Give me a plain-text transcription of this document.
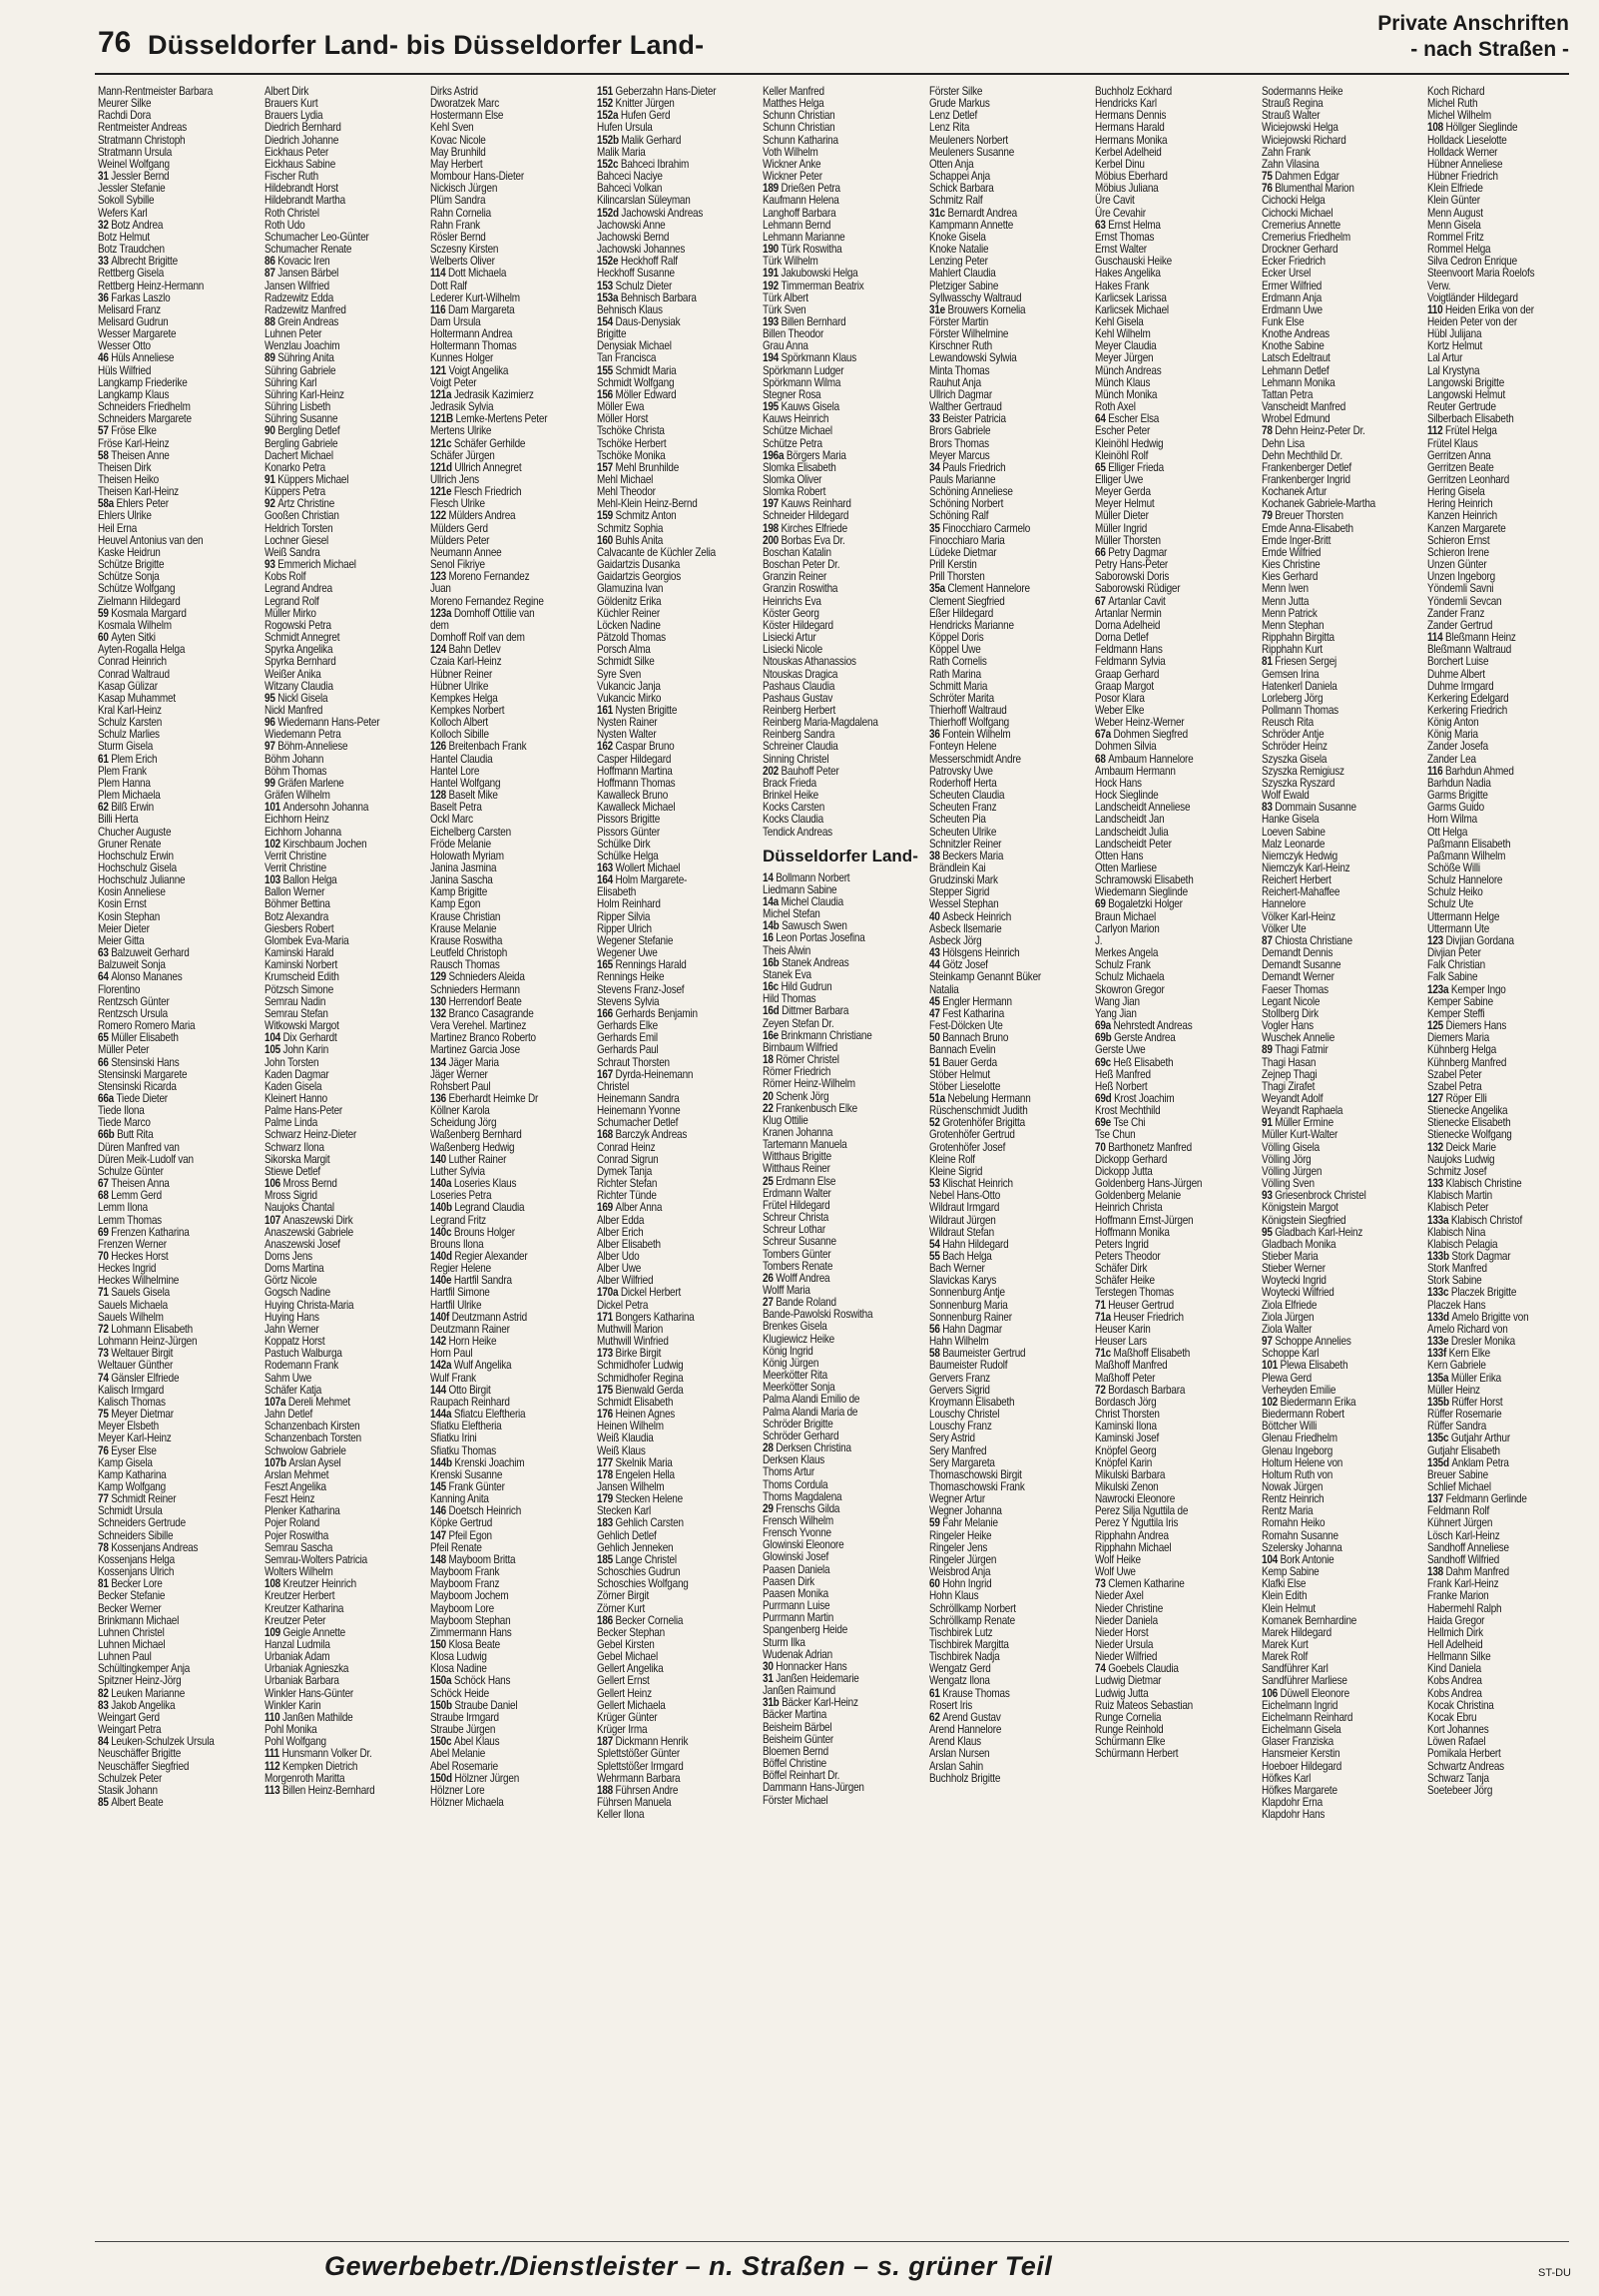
76 Düsseldorfer Land- bis Düsseldorfer Land-
Private Anschriften
- nach Straßen -
Mann-Rentmeister Barbara
Meurer Silke
Rachdi Dora
Rentmeister Andreas
Stratmann Christoph
Stratmann Ursula
Weinel Wolfgang
31 Jessler Bernd
Jessler Stefanie
Sokoll Sybille
Wefers Karl
32 Botz Andrea
Botz Helmut
Botz Traudchen
33 Albrecht Brigitte
Rettberg Gisela
Rettberg Heinz-Hermann
36 Farkas Laszlo
Melisard Franz
Melisard Gudrun
Wesser Margarete
Wesser Otto
46 Hüls Anneliese
Hüls Wilfried
Langkamp Friederike
Langkamp Klaus
Schneiders Friedhelm
Schneiders Margarete
57 Fröse Elke
Fröse Karl-Heinz
58 Theisen Anne
Theisen Dirk
Theisen Heiko
Theisen Karl-Heinz
58a Ehlers Peter
Ehlers Ulrike
Heil Erna
Heuvel Antonius van den
Kaske Heidrun
Schütze Brigitte
Schütze Sonja
Schütze Wolfgang
Zielmann Hildegard
59 Kosmala Margard
Kosmala Wilhelm
60 Ayten Sitki
Ayten-Rogalla Helga
Conrad Heinrich
Conrad Waltraud
Kasap Gülizar
Kasap Muhammet
Kral Karl-Heinz
Schulz Karsten
Schulz Marlies
Sturm Gisela
61 Plem Erich
Plem Frank
Plem Hanna
Plem Michaela
62 Bilß Erwin
Billi Herta
Chucher Auguste
Gruner Renate
Hochschulz Erwin
Hochschulz Gisela
Hochschulz Julianne
Kosin Anneliese
Kosin Ernst
Kosin Stephan
Meier Dieter
Meier Gitta
63 Balzuweit Gerhard
Balzuweit Sonja
64 Alonso Mananes
Florentino
Rentzsch Günter
Rentzsch Ursula
Romero Romero Maria
65 Müller Elisabeth
Müller Peter
66 Stensinski Hans
Stensinski Margarete
Stensinski Ricarda
66a Tiede Dieter
Tiede Ilona
Tiede Marco
66b Butt Rita
Düren Manfred van
Düren Meik-Ludolf van
Schulze Günter
67 Theisen Anna
68 Lemm Gerd
Lemm Ilona
Lemm Thomas
69 Frenzen Katharina
Frenzen Werner
70 Heckes Horst
Heckes Ingrid
Heckes Wilhelmine
71 Sauels Gisela
Sauels Michaela
Sauels Wilhelm
72 Lohmann Elisabeth
Lohmann Heinz-Jürgen
73 Weltauer Birgit
Weltauer Günther
74 Gänsler Elfriede
Kalisch Irmgard
Kalisch Thomas
75 Meyer Dietmar
Meyer Elsbeth
Meyer Karl-Heinz
76 Eyser Else
Kamp Gisela
Kamp Katharina
Kamp Wolfgang
77 Schmidt Reiner
Schmidt Ursula
Schneiders Gertrude
Schneiders Sibille
78 Kossenjans Andreas
Kossenjans Helga
Kossenjans Ulrich
81 Becker Lore
Becker Stefanie
Becker Werner
Brinkmann Michael
Luhnen Christel
Luhnen Michael
Luhnen Paul
Schültingkemper Anja
Spitzner Heinz-Jörg
82 Leuken Marianne
83 Jakob Angelika
Weingart Gerd
Weingart Petra
84 Leuken-Schulzek Ursula
Neuschäffer Brigitte
Neuschäffer Siegfried
Schulzek Peter
Stasik Johann
85 Albert Beate
Albert Dirk
Brauers Kurt
Brauers Lydia
Diedrich Bernhard
Diedrich Johanne
Eickhaus Peter
Eickhaus Sabine
Fischer Ruth
Hildebrandt Horst
Hildebrandt Martha
Roth Christel
Roth Udo
Schumacher Leo-Günter
Schumacher Renate
86 Kovacic Iren
87 Jansen Bärbel
Jansen Wilfried
Radzewitz Edda
Radzewitz Manfred
88 Grein Andreas
Luhnen Peter
Wenzlau Joachim
89 Sühring Anita
Sühring Gabriele
Sühring Karl
Sühring Karl-Heinz
Sühring Lisbeth
Sühring Susanne
90 Bergling Detlef
Bergling Gabriele
Dachert Michael
Konarko Petra
91 Küppers Michael
Küppers Petra
92 Artz Christine
Gooßen Christian
Heldrich Torsten
Lochner Giesel
Weiß Sandra
93 Emmerich Michael
Kobs Rolf
Legrand Andrea
Legrand Rolf
Müller Mirko
Rogowski Petra
Schmidt Annegret
Spyrka Angelika
Spyrka Bernhard
Weißer Anika
Witzany Claudia
95 Nickl Gisela
Nickl Manfred
96 Wiedemann Hans-Peter
Wiedemann Petra
97 Böhm-Anneliese
Böhm Johann
Böhm Thomas
99 Gräfen Marlene
Gräfen Wilhelm
101 Andersohn Johanna
Eichhorn Heinz
Eichhorn Johanna
102 Kirschbaum Jochen
Verrit Christine
Verrit Christine
103 Ballon Helga
Ballon Werner
Böhmer Bettina
Botz Alexandra
Giesbers Robert
Glombek Eva-Maria
Kaminski Harald
Kaminski Norbert
Krumscheid Edith
Pötzsch Simone
Semrau Nadin
Semrau Stefan
Witkowski Margot
104 Dix Gerhardt
105 John Karin
John Torsten
Kaden Dagmar
Kaden Gisela
Kleinert Hanno
Palme Hans-Peter
Palme Linda
Schwarz Heinz-Dieter
Schwarz Ilona
Sikorska Margit
Stiewe Detlef
106 Mross Bernd
Mross Sigrid
Naujoks Chantal
107 Anaszewski Dirk
Anaszewski Gabriele
Anaszewski Josef
Doms Jens
Doms Martina
Görtz Nicole
Gogsch Nadine
Huying Christa-Maria
Huying Hans
Jahn Werner
Koppatz Horst
Pastuch Walburga
Rodemann Frank
Sahm Uwe
Schäfer Katja
107a Dereli Mehmet
Jahn Detlef
Schanzenbach Kirsten
Schanzenbach Torsten
Schwolow Gabriele
107b Arslan Aysel
Arslan Mehmet
Feszt Angelika
Feszt Heinz
Plenker Katharina
Pojer Roland
Pojer Roswitha
Semrau Sascha
Semrau-Wolters Patricia
Wolters Wilhelm
108 Kreutzer Heinrich
Kreutzer Herbert
Kreutzer Katharina
Kreutzer Peter
109 Geigle Annette
Hanzal Ludmila
Urbaniak Adam
Urbaniak Agnieszka
Urbaniak Barbara
Winkler Hans-Günter
Winkler Karin
110 Janßen Mathilde
Pohl Monika
Pohl Wolfgang
111 Hunsmann Volker Dr.
112 Kempken Dietrich
Morgenroth Maritta
113 Billen Heinz-Bernhard
Dirks Astrid
Dworatzek Marc
Hostermann Else
Kehl Sven
Kovac Nicole
May Brunhild
May Herbert
Mombour Hans-Dieter
Nickisch Jürgen
Plüm Sandra
Rahn Cornelia
Rahn Frank
Rösler Bernd
Sczesny Kirsten
Welberts Oliver
114 Dott Michaela
Dott Ralf
Lederer Kurt-Wilhelm
116 Dam Margareta
Dam Ursula
Holtermann Andrea
Holtermann Thomas
Kunnes Holger
121 Voigt Angelika
Voigt Peter
121a Jedrasik Kazimierz
Jedrasik Sylvia
121B Lemke-Mertens Peter
Mertens Ulrike
121c Schäfer Gerhilde
Schäfer Jürgen
121d Ullrich Annegret
Ullrich Jens
121e Flesch Friedrich
Flesch Ulrike
122 Mülders Andrea
Mülders Gerd
Mülders Peter
Neumann Annee
Senol Fikriye
123 Moreno Fernandez
Juan
Moreno Fernandez Regine
123a Domhoff Ottilie van
dem
Domhoff Rolf van dem
124 Bahn Detlev
Czaia Karl-Heinz
Hübner Reiner
Hübner Ulrike
Kempkes Helga
Kempkes Norbert
Kolloch Albert
Kolloch Sibille
126 Breitenbach Frank
Hantel Claudia
Hantel Lore
Hantel Wolfgang
128 Baselt Mike
Baselt Petra
Ockl Marc
Eichelberg Carsten
Fröde Melanie
Holowath Myriam
Janina Jasmina
Janina Sascha
Kamp Brigitte
Kamp Egon
Krause Christian
Krause Melanie
Krause Roswitha
Leutfeld Christoph
Rausch Thomas
129 Schnieders Aleida
Schnieders Hermann
130 Herrendorf Beate
132 Branco Casagrande
Vera Verehel. Martinez
Martinez Branco Roberto
Martinez Garcia Jose
134 Jäger Maria
Jäger Werner
Rohsbert Paul
136 Eberhardt Heimke Dr
Köllner Karola
Scheidung Jörg
Waßenberg Bernhard
Waßenberg Hedwig
140 Luther Rainer
Luther Sylvia
140a Loseries Klaus
Loseries Petra
140b Legrand Claudia
Legrand Fritz
140c Brouns Holger
Brouns Ilona
140d Regier Alexander
Regier Helene
140e Hartfil Sandra
Hartfil Simone
Hartfil Ulrike
140f Deutzmann Astrid
Deutzmann Rainer
142 Horn Heike
Horn Paul
142a Wulf Angelika
Wulf Frank
144 Otto Birgit
Raupach Reinhard
144a Sfiatcu Eleftheria
Sfiatku Eleftheria
Sfiatku Irini
Sfiatku Thomas
144b Krenski Joachim
Krenski Susanne
145 Frank Günter
Kanning Anita
146 Doetsch Heinrich
Köpke Gertrud
147 Pfeil Egon
Pfeil Renate
148 Mayboom Britta
Mayboom Frank
Mayboom Franz
Mayboom Jochem
Mayboom Lore
Mayboom Stephan
Zimmermann Hans
150 Klosa Beate
Klosa Ludwig
Klosa Nadine
150a Schöck Hans
Schöck Heide
150b Straube Daniel
Straube Irmgard
Straube Jürgen
150c Abel Klaus
Abel Melanie
Abel Rosemarie
150d Hölzner Jürgen
Hölzner Lore
Hölzner Michaela
151 Geberzahn Hans-Dieter
152 Knitter Jürgen
152a Hufen Gerd
Hufen Ursula
152b Malik Gerhard
Malik Maria
152c Bahceci Ibrahim
Bahceci Naciye
Bahceci Volkan
Kilincarslan Süleyman
152d Jachowski Andreas
Jachowski Anne
Jachowski Bernd
Jachowski Johannes
152e Heckhoff Ralf
Heckhoff Susanne
153 Schulz Dieter
153a Behnisch Barbara
Behnisch Klaus
154 Daus-Denysiak
Brigitte
Denysiak Michael
Tan Francisca
155 Schmidt Maria
Schmidt Wolfgang
156 Möller Edward
Möller Ewa
Möller Horst
Tschöke Christa
Tschöke Herbert
Tschöke Monika
157 Mehl Brunhilde
Mehl Michael
Mehl Theodor
Mehl-Klein Heinz-Bernd
159 Schmitz Anton
Schmitz Sophia
160 Buhls Anita
Calvacante de Küchler Zelia
Gaidartzis Dusanka
Gaidartzis Georgios
Glamuzina Ivan
Göldenitz Erika
Küchler Reiner
Löcken Nadine
Pätzold Thomas
Porsch Alma
Schmidt Silke
Syre Sven
Vukancic Janja
Vukancic Mirko
161 Nysten Brigitte
Nysten Rainer
Nysten Walter
162 Caspar Bruno
Casper Hildegard
Hoffmann Martina
Hoffmann Thomas
Kawalleck Bruno
Kawalleck Michael
Pissors Brigitte
Pissors Günter
Schülke Dirk
Schülke Helga
163 Wollert Michael
164 Holm Margarete-
Elisabeth
Holm Reinhard
Ripper Silvia
Ripper Ulrich
Wegener Stefanie
Wegener Uwe
165 Rennings Harald
Rennings Heike
Stevens Franz-Josef
Stevens Sylvia
166 Gerhards Benjamin
Gerhards Elke
Gerhards Emil
Gerhards Paul
Schraut Thorsten
167 Dyrda-Heinemann
Christel
Heinemann Sandra
Heinemann Yvonne
Schumacher Detlef
168 Barczyk Andreas
Conrad Heinz
Conrad Sigrun
Dymek Tanja
Richter Stefan
Richter Tünde
169 Alber Anna
Alber Edda
Alber Erich
Alber Elisabeth
Alber Udo
Alber Uwe
Alber Wilfried
170a Dickel Herbert
Dickel Petra
171 Bongers Katharina
Muthwill Marion
Muthwill Winfried
173 Birke Birgit
Schmidhofer Ludwig
Schmidhofer Regina
175 Bienwald Gerda
Schmidt Elisabeth
176 Heinen Agnes
Heinen Wilhelm
Weiß Klaudia
Weiß Klaus
177 Skelnik Maria
178 Engelen Hella
Jansen Wilhelm
179 Stecken Helene
Stecken Karl
183 Gehlich Carsten
Gehlich Detlef
Gehlich Jenneken
185 Lange Christel
Schoschies Gudrun
Schoschies Wolfgang
Zörner Birgit
Zörner Kurt
186 Becker Cornelia
Becker Stephan
Gebel Kirsten
Gebel Michael
Gellert Angelika
Gellert Ernst
Gellert Heinz
Gellert Michaela
Krüger Günter
Krüger Irma
187 Dickmann Henrik
Splettstößer Günter
Splettstößer Irmgard
Wehrmann Barbara
188 Führsen Andre
Führsen Manuela
Keller Ilona
Keller Manfred
Matthes Helga
Schunn Christian
Schunn Christian
Schunn Katharina
Voth Wilhelm
Wickner Anke
Wickner Peter
189 Drießen Petra
Kaufmann Helena
Langhoff Barbara
Lehmann Bernd
Lehmann Marianne
190 Türk Roswitha
Türk Wilhelm
191 Jakubowski Helga
192 Timmerman Beatrix
Türk Albert
Türk Sven
193 Billen Bernhard
Billen Theodor
Grau Anna
194 Spörkmann Klaus
Spörkmann Ludger
Spörkmann Wilma
Stegner Rosa
195 Kauws Gisela
Kauws Heinrich
Schütze Michael
Schütze Petra
196a Börgers Maria
Slomka Elisabeth
Slomka Oliver
Slomka Robert
197 Kauws Reinhard
Schneider Hildegard
198 Kirches Elfriede
200 Borbas Eva Dr.
Boschan Katalin
Boschan Peter Dr.
Granzin Reiner
Granzin Roswitha
Heinrichs Eva
Köster Georg
Köster Hildegard
Lisiecki Artur
Lisiecki Nicole
Ntouskas Athanassios
Ntouskas Dragica
Pashaus Claudia
Pashaus Gustav
Reinberg Herbert
Reinberg Maria-Magdalena
Reinberg Sandra
Schreiner Claudia
Sinning Christel
202 Bauhoff Peter
Brack Frieda
Brinkel Heike
Kocks Carsten
Kocks Claudia
Tendick Andreas
Düsseldorfer Land-
14 Bollmann Norbert
Liedmann Sabine
14a Michel Claudia
Michel Stefan
14b Sawusch Swen
16 Leon Portas Josefina
Theis Alwin
16b Stanek Andreas
Stanek Eva
16c Hild Gudrun
Hild Thomas
16d Dittmer Barbara
Zeyen Stefan Dr.
16e Brinkmann Christiane
Birnbaum Wilfried
18 Römer Christel
Römer Friedrich
Römer Heinz-Wilhelm
20 Schenk Jörg
22 Frankenbusch Elke
Klug Ottilie
Kranen Johanna
Tartemann Manuela
Witthaus Brigitte
Witthaus Reiner
25 Erdmann Else
Erdmann Walter
Frütel Hildegard
Schreur Christa
Schreur Lothar
Schreur Susanne
Tombers Günter
Tombers Renate
26 Wolff Andrea
Wolff Maria
27 Bande Roland
Bande-Pawolski Roswitha
Brenkes Gisela
Klugiewicz Heike
König Ingrid
König Jürgen
Meerkötter Rita
Meerkötter Sonja
Palma Alandi Emilio de
Palma Alandi Maria de
Schröder Brigitte
Schröder Gerhard
28 Derksen Christina
Derksen Klaus
Thoms Artur
Thoms Cordula
Thoms Magdalena
29 Frenschs Gilda
Frensch Wilhelm
Frensch Yvonne
Glowinski Eleonore
Glowinski Josef
Paasen Daniela
Paasen Dirk
Paasen Monika
Purrmann Luise
Purrmann Martin
Spangenberg Heide
Sturm Ilka
Wudenak Adrian
30 Honnacker Hans
31 Janßen Heidemarie
Janßen Raimund
31b Bäcker Karl-Heinz
Bäcker Martina
Beisheim Bärbel
Beisheim Günter
Bloemen Bernd
Böffel Christine
Böffel Reinhart Dr.
Dammann Hans-Jürgen
Förster Michael
Förster Silke
Grude Markus
Lenz Detlef
Lenz Rita
Meuleners Norbert
Meuleners Susanne
Otten Anja
Schappei Anja
Schick Barbara
Schmitz Ralf
31c Bernardt Andrea
Kampmann Annette
Knoke Gisela
Knoke Natalie
Lenzing Peter
Mahlert Claudia
Pletziger Sabine
Syllwasschy Waltraud
31e Brouwers Kornelia
Förster Martin
Förster Wilhelmine
Kirschner Ruth
Lewandowski Sylwia
Minta Thomas
Rauhut Anja
Ullrich Dagmar
Walther Gertraud
33 Beister Patricia
Brors Gabriele
Brors Thomas
Meyer Marcus
34 Pauls Friedrich
Pauls Marianne
Schöning Anneliese
Schöning Norbert
Schöning Ralf
35 Finocchiaro Carmelo
Finocchiaro Maria
Lüdeke Dietmar
Prill Kerstin
Prill Thorsten
35a Clement Hannelore
Clement Siegfried
Eßer Hildegard
Hendricks Marianne
Köppel Doris
Köppel Uwe
Rath Cornelis
Rath Marina
Schmitt Maria
Schröter Marita
Thierhoff Waltraud
Thierhoff Wolfgang
36 Fontein Wilhelm
Fonteyn Helene
Messerschmidt Andre
Patrovsky Uwe
Roderhoff Herta
Scheuten Claudia
Scheuten Franz
Scheuten Pia
Scheuten Ulrike
Schnitzler Reiner
38 Beckers Maria
Brändlein Kai
Grudzinski Mark
Stepper Sigrid
Wessel Stephan
40 Asbeck Heinrich
Asbeck Ilsemarie
Asbeck Jörg
43 Hölsgens Heinrich
44 Götz Josef
Steinkamp Genannt Büker
Natalia
45 Engler Hermann
47 Fest Katharina
Fest-Dölcken Ute
50 Bannach Bruno
Bannach Evelin
51 Bauer Gerda
Stöber Helmut
Stöber Lieselotte
51a Nebelung Hermann
Rüschenschmidt Judith
52 Grotenhöfer Brigitta
Grotenhöfer Gertrud
Grotenhöfer Josef
Kleine Rolf
Kleine Sigrid
53 Klischat Heinrich
Nebel Hans-Otto
Wildraut Irmgard
Wildraut Jürgen
Wildraut Stefan
54 Hahn Hildegard
55 Bach Helga
Bach Werner
Slavickas Karys
Sonnenburg Antje
Sonnenburg Maria
Sonnenburg Rainer
56 Hahn Dagmar
Hahn Wilhelm
58 Baumeister Gertrud
Baumeister Rudolf
Gervers Franz
Gervers Sigrid
Kroymann Elisabeth
Louschy Christel
Louschy Franz
Sery Astrid
Sery Manfred
Sery Margareta
Thomaschowski Birgit
Thomaschowski Frank
Wegner Artur
Wegner Johanna
59 Fahr Melanie
Ringeler Heike
Ringeler Jens
Ringeler Jürgen
Weisbrod Anja
60 Hohn Ingrid
Hohn Klaus
Schröllkamp Norbert
Schröllkamp Renate
Tischbirek Lutz
Tischbirek Margitta
Tischbirek Nadja
Wengatz Gerd
Wengatz Ilona
61 Krause Thomas
Rosert Iris
62 Arend Gustav
Arend Hannelore
Arend Klaus
Arslan Nursen
Arslan Sahin
Buchholz Brigitte
Buchholz Eckhard
Hendricks Karl
Hermans Dennis
Hermans Harald
Hermans Monika
Kerbel Adelheid
Kerbel Dinu
Möbius Eberhard
Möbius Juliana
Üre Cavit
Üre Cevahir
63 Ernst Helma
Ernst Thomas
Ernst Walter
Guschauski Heike
Hakes Angelika
Hakes Frank
Karlicsek Larissa
Karlicsek Michael
Kehl Gisela
Kehl Wilhelm
Meyer Claudia
Meyer Jürgen
Münch Andreas
Münch Klaus
Münch Monika
Roth Axel
64 Escher Elsa
Escher Peter
Kleinöhl Hedwig
Kleinöhl Rolf
65 Elliger Frieda
Elliger Uwe
Meyer Gerda
Meyer Helmut
Müller Dieter
Müller Ingrid
Müller Thorsten
66 Petry Dagmar
Petry Hans-Peter
Saborowski Doris
Saborowski Rüdiger
67 Artanlar Cavit
Artanlar Nermin
Dorna Adelheid
Dorna Detlef
Feldmann Hans
Feldmann Sylvia
Graap Gerhard
Graap Margot
Posor Klara
Weber Elke
Weber Heinz-Werner
67a Dohmen Siegfred
Dohmen Silvia
68 Ambaum Hannelore
Ambaum Hermann
Hock Hans
Hock Sieglinde
Landscheidt Anneliese
Landscheidt Jan
Landscheidt Julia
Landscheidt Peter
Otten Hans
Otten Marliese
Schramowski Elisabeth
Wiedemann Sieglinde
69 Bogaletzki Holger
Braun Michael
Carlyon Marion
J.
Merkes Angela
Schulz Frank
Schulz Michaela
Skowron Gregor
Wang Jian
Yang Jian
69a Nehrstedt Andreas
69b Gerste Andrea
Gerste Uwe
69c Heß Elisabeth
Heß Manfred
Heß Norbert
69d Krost Joachim
Krost Mechthild
69e Tse Chi
Tse Chun
70 Barthonetz Manfred
Dickopp Gerhard
Dickopp Jutta
Goldenberg Hans-Jürgen
Goldenberg Melanie
Heinrich Christa
Hoffmann Ernst-Jürgen
Hoffmann Monika
Peters Ingrid
Peters Theodor
Schäfer Dirk
Schäfer Heike
Terstegen Thomas
71 Heuser Gertrud
71a Heuser Friedrich
Heuser Karin
Heuser Lars
71c Maßhoff Elisabeth
Maßhoff Manfred
Maßhoff Peter
72 Bordasch Barbara
Bordasch Jörg
Christ Thorsten
Kaminski Ilona
Kaminski Josef
Knöpfel Georg
Knöpfel Karin
Mikulski Barbara
Mikulski Zenon
Nawrocki Eleonore
Perez Silja Nguttila de
Perez Y Nguttila Iris
Ripphahn Andrea
Ripphahn Michael
Wolf Heike
Wolf Uwe
73 Clemen Katharine
Nieder Axel
Nieder Christine
Nieder Daniela
Nieder Horst
Nieder Ursula
Nieder Wilfried
74 Goebels Claudia
Ludwig Dietmar
Ludwig Jutta
Ruiz Mateos Sebastian
Runge Cornelia
Runge Reinhold
Schürmann Elke
Schürmann Herbert
Sodermanns Heike
Strauß Regina
Strauß Walter
Wiciejowski Helga
Wiciejowski Richard
Zahn Frank
Zahn Vilasina
75 Dahmen Edgar
76 Blumenthal Marion
Cichocki Helga
Cichocki Michael
Cremerius Annette
Cremerius Friedhelm
Drockner Gerhard
Ecker Friedrich
Ecker Ursel
Ermer Wilfried
Erdmann Anja
Erdmann Uwe
Funk Else
Knothe Andreas
Knothe Sabine
Latsch Edeltraut
Lehmann Detlef
Lehmann Monika
Tattan Petra
Vanscheidt Manfred
Wrobel Edmund
78 Dehn Heinz-Peter Dr.
Dehn Lisa
Dehn Mechthild Dr.
Frankenberger Detlef
Frankenberger Ingrid
Kochanek Artur
Kochanek Gabriele-Martha
79 Breuer Thorsten
Emde Anna-Elisabeth
Emde Inger-Britt
Emde Wilfried
Kies Christine
Kies Gerhard
Menn Iwen
Menn Jutta
Menn Patrick
Menn Stephan
Ripphahn Birgitta
Ripphahn Kurt
81 Friesen Sergej
Gemsen Irina
Hatenkerl Daniela
Lorleberg Jörg
Pollmann Thomas
Reusch Rita
Schröder Antje
Schröder Heinz
Szyszka Gisela
Szyszka Remigiusz
Szyszka Ryszard
Wolf Ewald
83 Dommain Susanne
Hanke Gisela
Loeven Sabine
Malz Leonarde
Niemczyk Hedwig
Niemczyk Karl-Heinz
Reichert Herbert
Reichert-Mahaffee
Hannelore
Völker Karl-Heinz
Völker Ute
87 Chiosta Christiane
Demandt Dennis
Demandt Susanne
Demandt Werner
Faeser Thomas
Legant Nicole
Stollberg Dirk
Vogler Hans
Wuschek Annelie
89 Thagi Fatmir
Thagi Hasan
Zejnep Thagi
Thagi Zirafet
Weyandt Adolf
Weyandt Raphaela
91 Müller Ermine
Müller Kurt-Walter
Völling Gisela
Völling Jörg
Völling Jürgen
Völling Sven
93 Griesenbrock Christel
Königstein Margot
Königstein Siegfried
95 Gladbach Karl-Heinz
Gladbach Monika
Stieber Maria
Stieber Werner
Woytecki Ingrid
Woytecki Wilfried
Ziola Elfriede
Ziola Jürgen
Ziola Walter
97 Schoppe Annelies
Schoppe Karl
101 Plewa Elisabeth
Plewa Gerd
Verheyden Emilie
102 Biedermann Erika
Biedermann Robert
Böttcher Willi
Glenau Friedhelm
Glenau Ingeborg
Holtum Helene von
Holtum Ruth von
Nowak Jürgen
Rentz Heinrich
Rentz Maria
Romahn Heiko
Romahn Susanne
Szelersky Johanna
104 Bork Antonie
Kemp Sabine
Klafki Else
Klein Edith
Klein Helmut
Komanek Bernhardine
Marek Hildegard
Marek Kurt
Marek Rolf
Sandführer Karl
Sandführer Marliese
106 Düwell Eleonore
Eichelmann Ingrid
Eichelmann Reinhard
Eichelmann Gisela
Glaser Franziska
Hansmeier Kerstin
Hoeboer Hildegard
Höfkes Karl
Höfkes Margarete
Klapdohr Erna
Klapdohr Hans
Koch Richard
Michel Ruth
Michel Wilhelm
108 Höllger Sieglinde
Holldack Lieselotte
Holldack Werner
Hübner Anneliese
Hübner Friedrich
Klein Elfriede
Klein Günter
Menn August
Menn Gisela
Rommel Fritz
Rommel Helga
Silva Cedron Enrique
Steenvoort Maria Roelofs
Verw.
Voigtländer Hildegard
110 Heiden Erika von der
Heiden Peter von der
Hübl Julijana
Kortz Helmut
Lal Artur
Lal Krystyna
Langowski Brigitte
Langowski Helmut
Reuter Gertrude
Silberbach Elisabeth
112 Frütel Helga
Frütel Klaus
Gerritzen Anna
Gerritzen Beate
Gerritzen Leonhard
Hering Gisela
Hering Heinrich
Kanzen Heinrich
Kanzen Margarete
Schieron Ernst
Schieron Irene
Unzen Günter
Unzen Ingeborg
Yöndemli Savni
Yöndemli Sevcan
Zander Franz
Zander Gertrud
114 Bleßmann Heinz
Bleßmann Waltraud
Borchert Luise
Duhme Albert
Duhme Irmgard
Kerkering Edelgard
Kerkering Friedrich
König Anton
König Maria
Zander Josefa
Zander Lea
116 Barhdun Ahmed
Barhdun Nadia
Garms Brigitte
Garms Guido
Horn Wilma
Ott Helga
Paßmann Elisabeth
Paßmann Wilhelm
Schöße Willi
Schulz Hannelore
Schulz Heiko
Schulz Ute
Uttermann Helge
Uttermann Ute
123 Divjian Gordana
Divjian Peter
Falk Christian
Falk Sabine
123a Kemper Ingo
Kemper Sabine
Kemper Steffi
125 Diemers Hans
Diemers Maria
Kühnberg Helga
Kühnberg Manfred
Szabel Peter
Szabel Petra
127 Röper Elli
Stienecke Angelika
Stienecke Elisabeth
Stienecke Wolfgang
132 Deick Marie
Naujoks Ludwig
Schmitz Josef
133 Klabisch Christine
Klabisch Martin
Klabisch Peter
133a Klabisch Christof
Klabisch Nina
Klabisch Pelagia
133b Stork Dagmar
Stork Manfred
Stork Sabine
133c Placzek Brigitte
Placzek Hans
133d Amelo Brigitte von
Amelo Richard von
133e Dresler Monika
133f Kern Elke
Kern Gabriele
135a Müller Erika
Müller Heinz
135b Rüffer Horst
Rüffer Rosemarie
Rüffer Sandra
135c Gutjahr Arthur
Gutjahr Elisabeth
135d Anklam Petra
Breuer Sabine
Schlief Michael
137 Feldmann Gerlinde
Feldmann Rolf
Kühnert Jürgen
Lösch Karl-Heinz
Sandhoff Anneliese
Sandhoff Wilfried
138 Dahm Manfred
Frank Karl-Heinz
Franke Marion
Habermehl Ralph
Haida Gregor
Hellmich Dirk
Hell Adelheid
Hellmann Silke
Kind Daniela
Kobs Andrea
Kobs Andrea
Kocak Christina
Kocak Ebru
Kort Johannes
Löwen Rafael
Pomikala Herbert
Schwartz Andreas
Schwarz Tanja
Soetebeer Jörg
Gewerbebetr./Dienstleister – n. Straßen – s. grüner Teil	ST-DU
